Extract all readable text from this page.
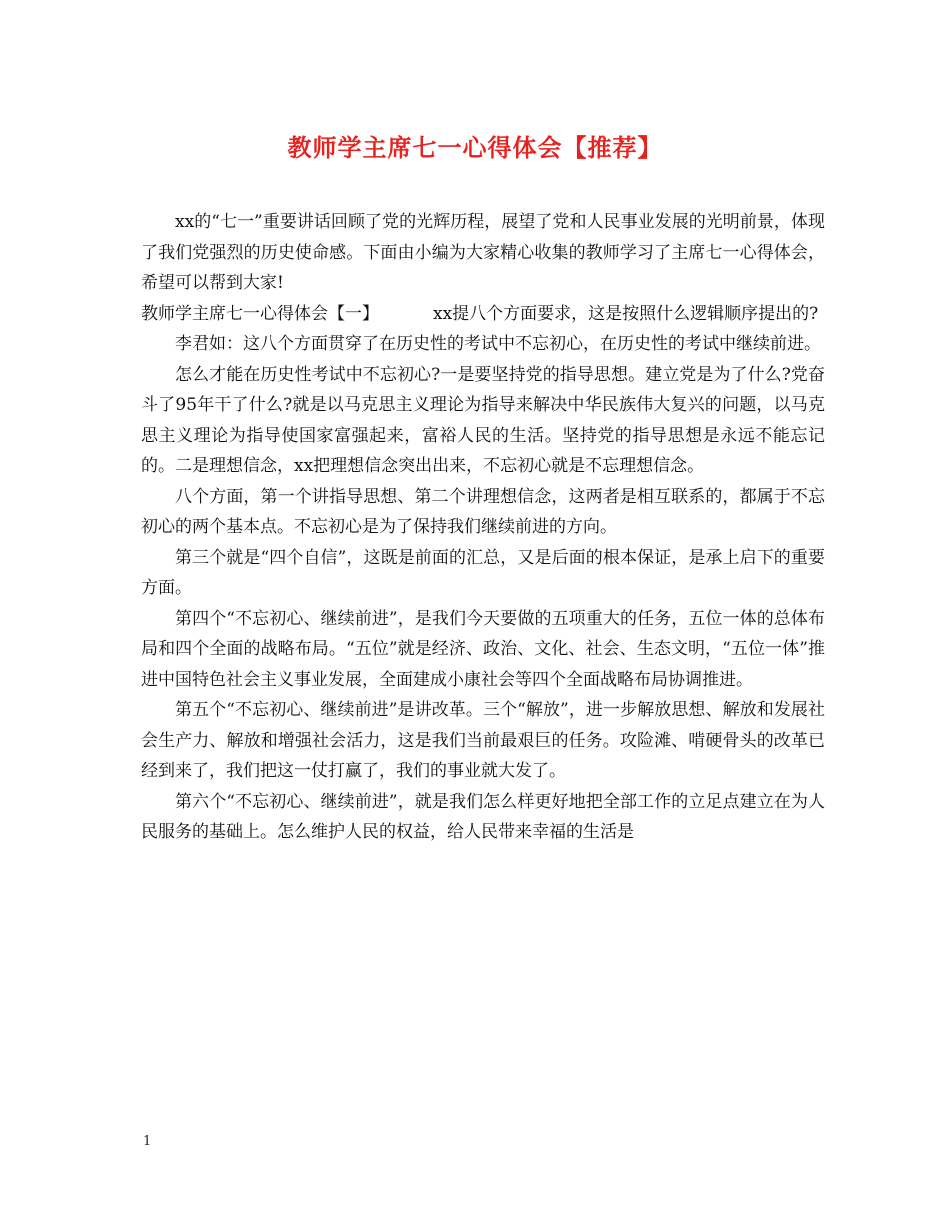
教师学主席七一心得体会【推荐】

xx的“七一”重要讲话回顾了党的光辉历程，展望了党和人民事业发展的光明前景，体现了我们党强烈的历史使命感。下面由小编为大家精心收集的教师学习了主席七一心得体会，希望可以帮到大家!

教师学主席七一心得体会【一】	xx提八个方面要求，这是按照什么逻辑顺序提出的?

李君如：这八个方面贯穿了在历史性的考试中不忘初心，在历史性的考试中继续前进。

怎么才能在历史性考试中不忘初心?一是要坚持党的指导思想。建立党是为了什么?党奋斗了95年干了什么?就是以马克思主义理论为指导来解决中华民族伟大复兴的问题，以马克思主义理论为指导使国家富强起来，富裕人民的生活。坚持党的指导思想是永远不能忘记的。二是理想信念，xx把理想信念突出出来，不忘初心就是不忘理想信念。

八个方面，第一个讲指导思想、第二个讲理想信念，这两者是相互联系的，都属于不忘初心的两个基本点。不忘初心是为了保持我们继续前进的方向。

第三个就是“四个自信”，这既是前面的汇总，又是后面的根本保证，是承上启下的重要方面。

第四个“不忘初心、继续前进”，是我们今天要做的五项重大的任务，五位一体的总体布局和四个全面的战略布局。“五位”就是经济、政治、文化、社会、生态文明，“五位一体”推进中国特色社会主义事业发展，全面建成小康社会等四个全面战略布局协调推进。

第五个“不忘初心、继续前进”是讲改革。三个“解放”，进一步解放思想、解放和发展社会生产力、解放和增强社会活力，这是我们当前最艰巨的任务。攻险滩、啃硬骨头的改革已经到来了，我们把这一仗打赢了，我们的事业就大发了。

第六个“不忘初心、继续前进”，就是我们怎么样更好地把全部工作的立足点建立在为人民服务的基础上。怎么维护人民的权益，给人民带来幸福的生活是

1
